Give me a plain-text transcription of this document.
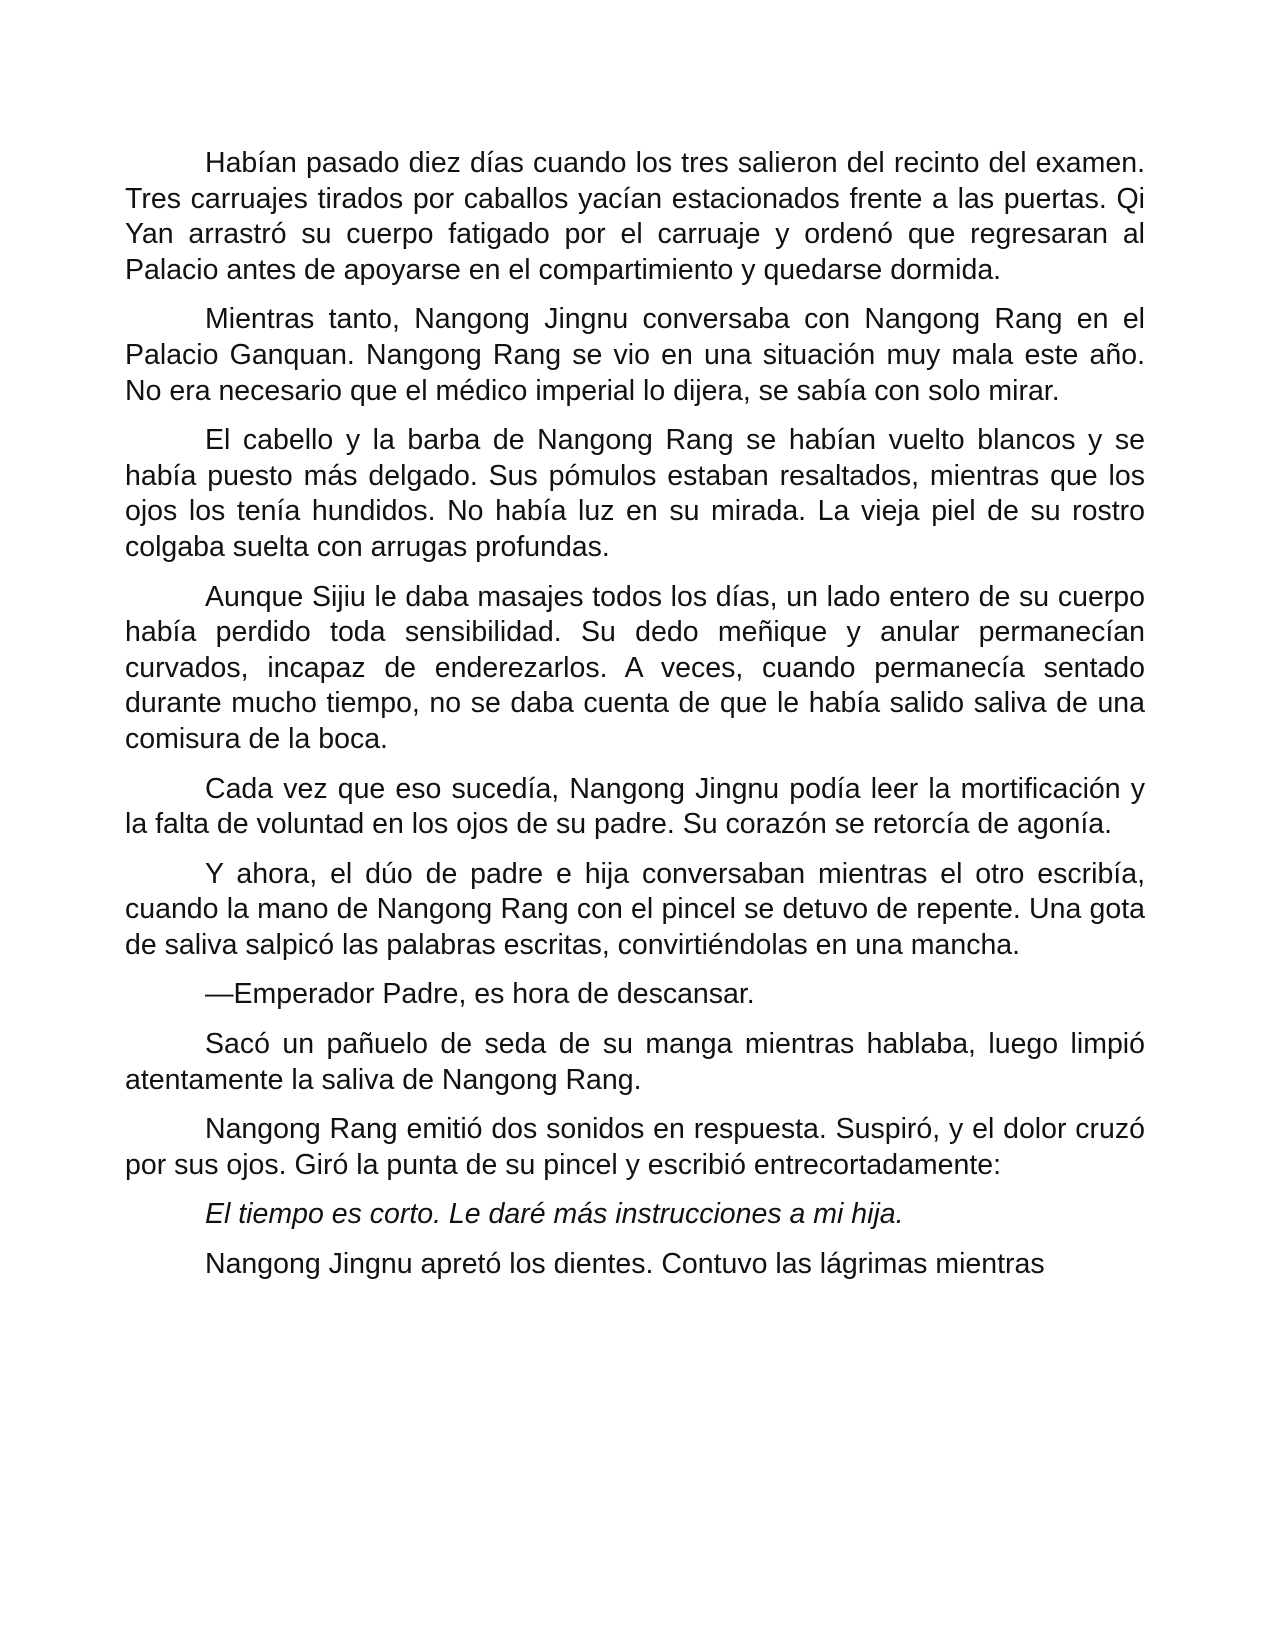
Habían pasado diez días cuando los tres salieron del recinto del examen. Tres carruajes tirados por caballos yacían estacionados frente a las puertas. Qi Yan arrastró su cuerpo fatigado por el carruaje y ordenó que regresaran al Palacio antes de apoyarse en el compartimiento y quedarse dormida.

Mientras tanto, Nangong Jingnu conversaba con Nangong Rang en el Palacio Ganquan. Nangong Rang se vio en una situación muy mala este año. No era necesario que el médico imperial lo dijera, se sabía con solo mirar.

El cabello y la barba de Nangong Rang se habían vuelto blancos y se había puesto más delgado. Sus pómulos estaban resaltados, mientras que los ojos los tenía hundidos. No había luz en su mirada. La vieja piel de su rostro colgaba suelta con arrugas profundas.

Aunque Sijiu le daba masajes todos los días, un lado entero de su cuerpo había perdido toda sensibilidad. Su dedo meñique y anular permanecían curvados, incapaz de enderezarlos. A veces, cuando permanecía sentado durante mucho tiempo, no se daba cuenta de que le había salido saliva de una comisura de la boca.

Cada vez que eso sucedía, Nangong Jingnu podía leer la mortificación y la falta de voluntad en los ojos de su padre. Su corazón se retorcía de agonía.

Y ahora, el dúo de padre e hija conversaban mientras el otro escribía, cuando la mano de Nangong Rang con el pincel se detuvo de repente. Una gota de saliva salpicó las palabras escritas, convirtiéndolas en una mancha.

—Emperador Padre, es hora de descansar.

Sacó un pañuelo de seda de su manga mientras hablaba, luego limpió atentamente la saliva de Nangong Rang.

Nangong Rang emitió dos sonidos en respuesta. Suspiró, y el dolor cruzó por sus ojos. Giró la punta de su pincel y escribió entrecortadamente:

El tiempo es corto. Le daré más instrucciones a mi hija.

Nangong Jingnu apretó los dientes. Contuvo las lágrimas mientras
